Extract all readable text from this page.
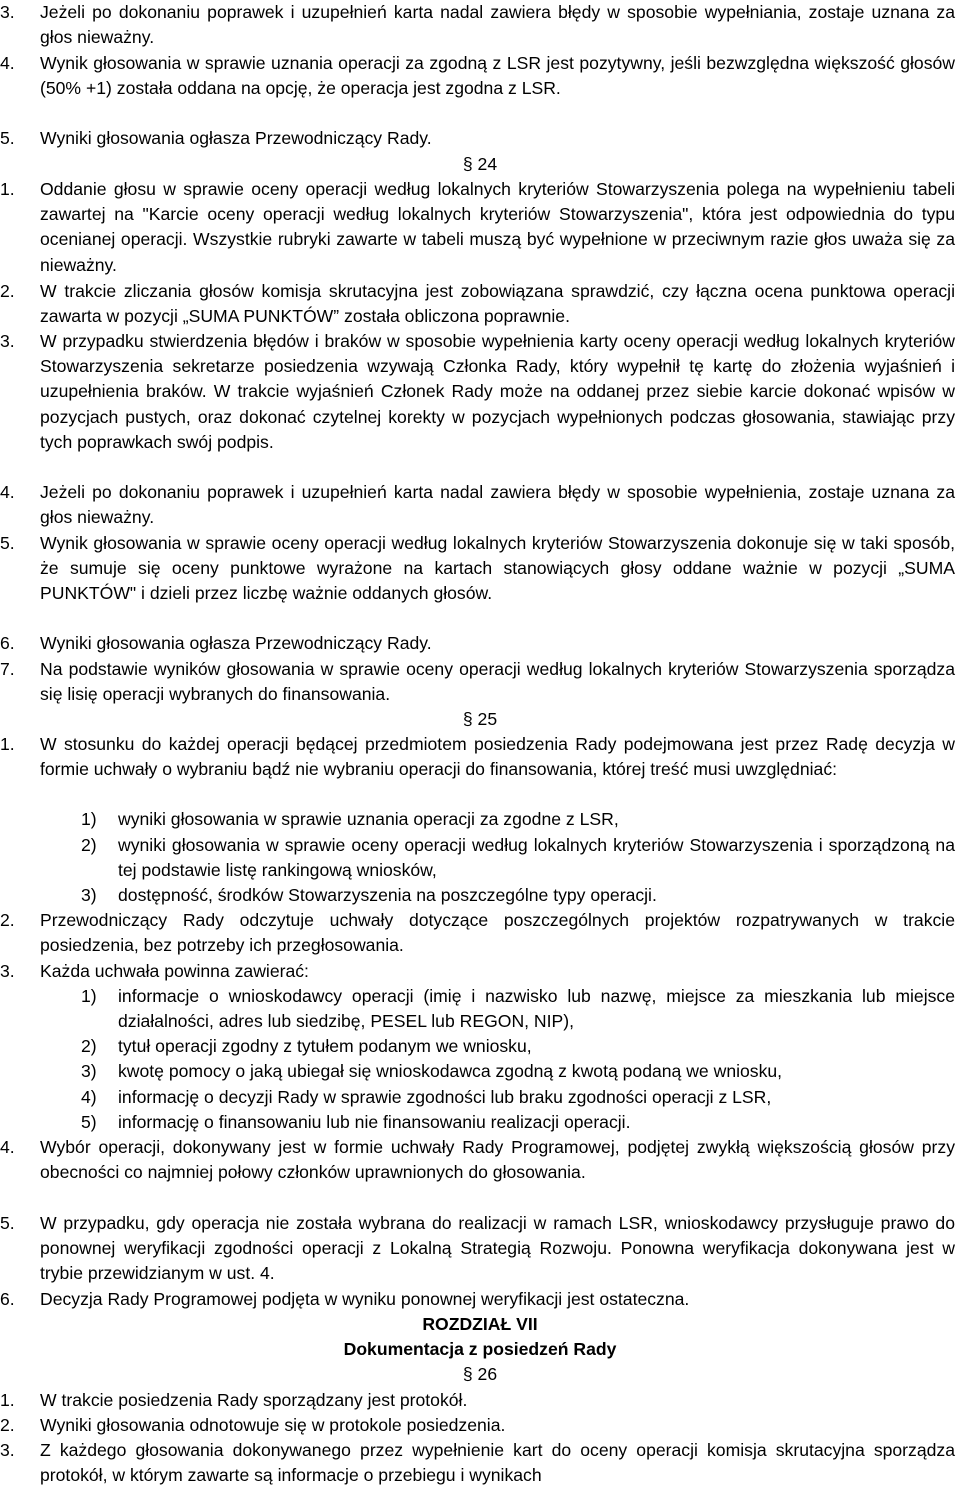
3. Jeżeli po dokonaniu poprawek i uzupełnień karta nadal zawiera błędy w sposobie wypełniania, zostaje uznana za głos nieważny.
4. Wynik głosowania w sprawie uznania operacji za zgodną z LSR jest pozytywny, jeśli bezwzględna większość głosów (50% +1) została oddana na opcję, że operacja jest zgodna z LSR.
5. Wyniki głosowania ogłasza Przewodniczący Rady.
§ 24
1. Oddanie głosu w sprawie oceny operacji według lokalnych kryteriów Stowarzyszenia polega na wypełnieniu tabeli zawartej na "Karcie oceny operacji według lokalnych kryteriów Stowarzyszenia", która jest odpowiednia do typu ocenianej operacji. Wszystkie rubryki zawarte w tabeli muszą być wypełnione w przeciwnym razie głos uważa się za nieważny.
2. W trakcie zliczania głosów komisja skrutacyjna jest zobowiązana sprawdzić, czy łączna ocena punktowa operacji zawarta w pozycji „SUMA PUNKTÓW” została obliczona poprawnie.
3. W przypadku stwierdzenia błędów i braków w sposobie wypełnienia karty oceny operacji według lokalnych kryteriów Stowarzyszenia sekretarze posiedzenia wzywają Członka Rady, który wypełnił tę kartę do złożenia wyjaśnień i uzupełnienia braków. W trakcie wyjaśnień Członek Rady może na oddanej przez siebie karcie dokonać wpisów w pozycjach pustych, oraz dokonać czytelnej korekty w pozycjach wypełnionych podczas głosowania, stawiając przy tych poprawkach swój podpis.
4. Jeżeli po dokonaniu poprawek i uzupełnień karta nadal zawiera błędy w sposobie wypełnienia, zostaje uznana za głos nieważny.
5. Wynik głosowania w sprawie oceny operacji według lokalnych kryteriów Stowarzyszenia dokonuje się w taki sposób, że sumuje się oceny punktowe wyrażone na kartach stanowiących głosy oddane ważnie w pozycji „SUMA PUNKTÓW" i dzieli przez liczbę ważnie oddanych głosów.
6. Wyniki głosowania ogłasza Przewodniczący Rady.
7. Na podstawie wyników głosowania w sprawie oceny operacji według lokalnych kryteriów Stowarzyszenia sporządza się lisię operacji wybranych do finansowania.
§ 25
1. W stosunku do każdej operacji będącej przedmiotem posiedzenia Rady podejmowana jest przez Radę decyzja w formie uchwały o wybraniu bądź nie wybraniu operacji do finansowania, której treść musi uwzględniać:
1) wyniki głosowania w sprawie uznania operacji za zgodne z LSR,
2) wyniki głosowania w sprawie oceny operacji według lokalnych kryteriów Stowarzyszenia i sporządzoną na tej podstawie listę rankingową wniosków,
3) dostępność, środków Stowarzyszenia na poszczególne typy operacji.
2. Przewodniczący Rady odczytuje uchwały dotyczące poszczególnych projektów rozpatrywanych w trakcie posiedzenia, bez potrzeby ich przegłosowania.
3. Każda uchwała powinna zawierać:
1) informacje o wnioskodawcy operacji (imię i nazwisko lub nazwę, miejsce za mieszkania lub miejsce działalności, adres lub siedzibę, PESEL lub REGON, NIP),
2) tytuł operacji zgodny z tytułem podanym we wniosku,
3) kwotę pomocy o jaką ubiegał się wnioskodawca zgodną z kwotą podaną we wniosku,
4) informację o decyzji Rady w sprawie zgodności lub braku zgodności operacji z LSR,
5) informację o finansowaniu lub nie finansowaniu realizacji operacji.
4. Wybór operacji, dokonywany jest w formie uchwały Rady Programowej, podjętej zwykłą większością głosów przy obecności co najmniej połowy członków uprawnionych do głosowania.
5. W przypadku, gdy operacja nie została wybrana do realizacji w ramach LSR, wnioskodawcy przysługuje prawo do ponownej weryfikacji zgodności operacji z Lokalną Strategią Rozwoju. Ponowna weryfikacja dokonywana jest w trybie przewidzianym w ust. 4.
6. Decyzja Rady Programowej podjęta w wyniku ponownej weryfikacji jest ostateczna.
ROZDZIAŁ VII
Dokumentacja z posiedzeń Rady
§ 26
1. W trakcie posiedzenia Rady sporządzany jest protokół.
2. Wyniki głosowania odnotowuje się w protokole posiedzenia.
3. Z każdego głosowania dokonywanego przez wypełnienie kart do oceny operacji komisja skrutacyjna sporządza protokół, w którym zawarte są informacje o przebiegu i wynikach
